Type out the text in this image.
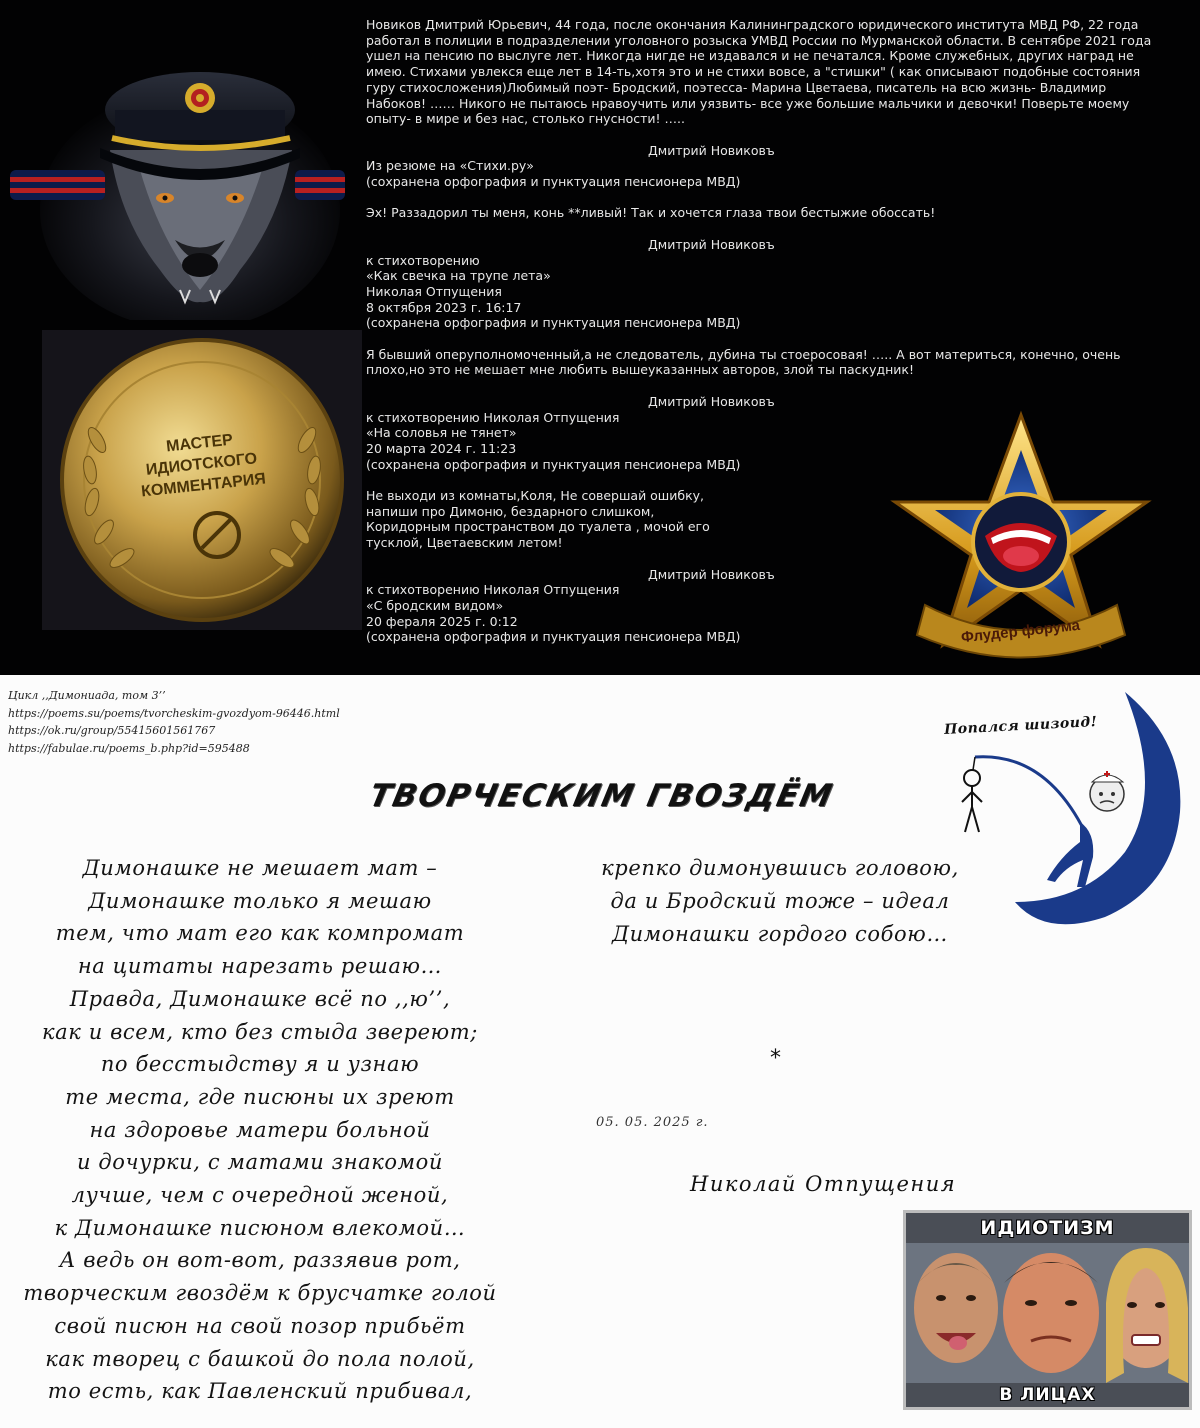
МАСТЕР
ИДИОТСКОГО
КОММЕНТАРИЯ
Флудер форума

Новиков Дмитрий Юрьевич, 44 года, после окончания Калининградского юридического института МВД РФ, 22 года работал в полиции в подразделении уголовного розыска УМВД России по Мурманской области. В сентябре 2021 года ушел на пенсию по выслуге лет. Никогда нигде не издавался и не печатался. Кроме служебных, других наград не имею. Стихами увлекся еще лет в 14-ть,хотя это и не стихи вовсе, а "стишки" ( как описывают подобные состояния гуру стихосложения)Любимый поэт- Бродский, поэтесса- Марина Цветаева, писатель на всю жизнь- Владимир Набоков! …… Никого не пытаюсь нравоучить или уязвить- все уже большие мальчики и девочки! Поверьте моему опыту- в мире и без нас, столько гнусности! …..

Дмитрий Новиковъ

Из резюме на «Стихи.ру»

(сохранена орфография и пунктуация пенсионера МВД)

Эх! Раззадорил ты меня, конь **ливый! Так и хочется глаза твои бестыжие обоссать!

Дмитрий Новиковъ

к стихотворению

«Как свечка на трупе лета»

Николая Отпущения

8 октября 2023 г. 16:17

(сохранена орфография и пунктуация пенсионера МВД)

Я бывший оперуполномоченный,а не следователь, дубина ты стоеросовая! ….. А вот материться, конечно, очень плохо,но это не мешает мне любить вышеуказанных авторов, злой ты паскудник!

Дмитрий Новиковъ

к стихотворению Николая Отпущения

«На соловья не тянет»

20 марта 2024 г. 11:23

(сохранена орфография и пунктуация пенсионера МВД)

Не выходи из комнаты,Коля, Не совершай ошибку,

напиши про Димоню, бездарного слишком,

Коридорным пространством до туалета , мочой его

тусклой, Цветаевским летом!

Дмитрий Новиковъ

к стихотворению Николая Отпущения

«С бродским видом»

20 фераля 2025 г. 0:12

(сохранена орфография и пунктуация пенсионера МВД)

Цикл ,,Димониада, том 3’’
https://poems.su/poems/tvorcheskim-gvozdyom-96446.html
https://ok.ru/group/55415601561767
https://fabulae.ru/poems_b.php?id=595488
Попался шизоид!
ТВОРЧЕСКИМ ГВОЗДЁМ
Димонашке не мешает мат –
Димонашке только я мешаю
тем, что мат его как компромат
на цитаты нарезать решаю…
Правда, Димонашке всё по ,,ю’’,
как и всем, кто без стыда звереют;
по бесстыдству я и узнаю
те места, где писюны их зреют
на здоровье матери больной
и дочурки, с матами знакомой
лучше, чем с очередной женой,
к Димонашке писюном влекомой…
А ведь он вот-вот, раззявив рот,
творческим гвоздём к брусчатке голой
свой писюн на свой позор прибьёт
как творец с башкой до пола полой,
то есть, как Павленский прибивал,
крепко димонувшись головою,
да и Бродский тоже – идеал
Димонашки гордого собою…
*
05. 05. 2025 г.
Николай Отпущения
ИДИОТИЗМ
В ЛИЦАХ
